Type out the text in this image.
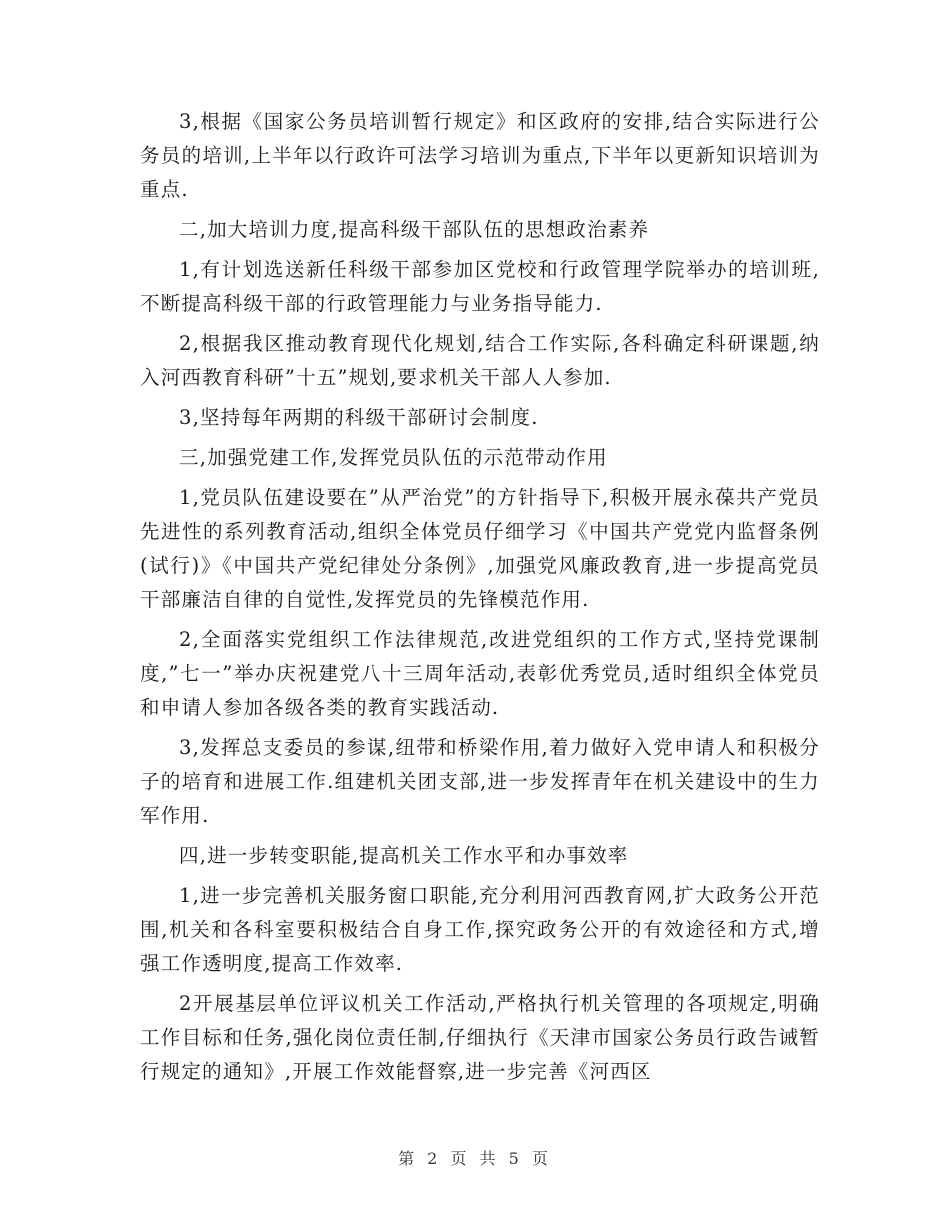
3,根据《国家公务员培训暂行规定》和区政府的安排,结合实际进行公务员的培训,上半年以行政许可法学习培训为重点,下半年以更新知识培训为重点.

二,加大培训力度,提高科级干部队伍的思想政治素养

1,有计划选送新任科级干部参加区党校和行政管理学院举办的培训班,不断提高科级干部的行政管理能力与业务指导能力.

2,根据我区推动教育现代化规划,结合工作实际,各科确定科研课题,纳入河西教育科研”十五”规划,要求机关干部人人参加.

3,坚持每年两期的科级干部研讨会制度.

三,加强党建工作,发挥党员队伍的示范带动作用

1,党员队伍建设要在”从严治党”的方针指导下,积极开展永葆共产党员先进性的系列教育活动,组织全体党员仔细学习《中国共产党党内监督条例(试行)》《中国共产党纪律处分条例》,加强党风廉政教育,进一步提高党员干部廉洁自律的自觉性,发挥党员的先锋模范作用.

2,全面落实党组织工作法律规范,改进党组织的工作方式,坚持党课制度,”七一”举办庆祝建党八十三周年活动,表彰优秀党员,适时组织全体党员和申请人参加各级各类的教育实践活动.

3,发挥总支委员的参谋,纽带和桥梁作用,着力做好入党申请人和积极分子的培育和进展工作.组建机关团支部,进一步发挥青年在机关建设中的生力军作用.

四,进一步转变职能,提高机关工作水平和办事效率

1,进一步完善机关服务窗口职能,充分利用河西教育网,扩大政务公开范围,机关和各科室要积极结合自身工作,探究政务公开的有效途径和方式,增强工作透明度,提高工作效率.

2开展基层单位评议机关工作活动,严格执行机关管理的各项规定,明确工作目标和任务,强化岗位责任制,仔细执行《天津市国家公务员行政告诫暂行规定的通知》,开展工作效能督察,进一步完善《河西区

第 2 页 共 5 页
